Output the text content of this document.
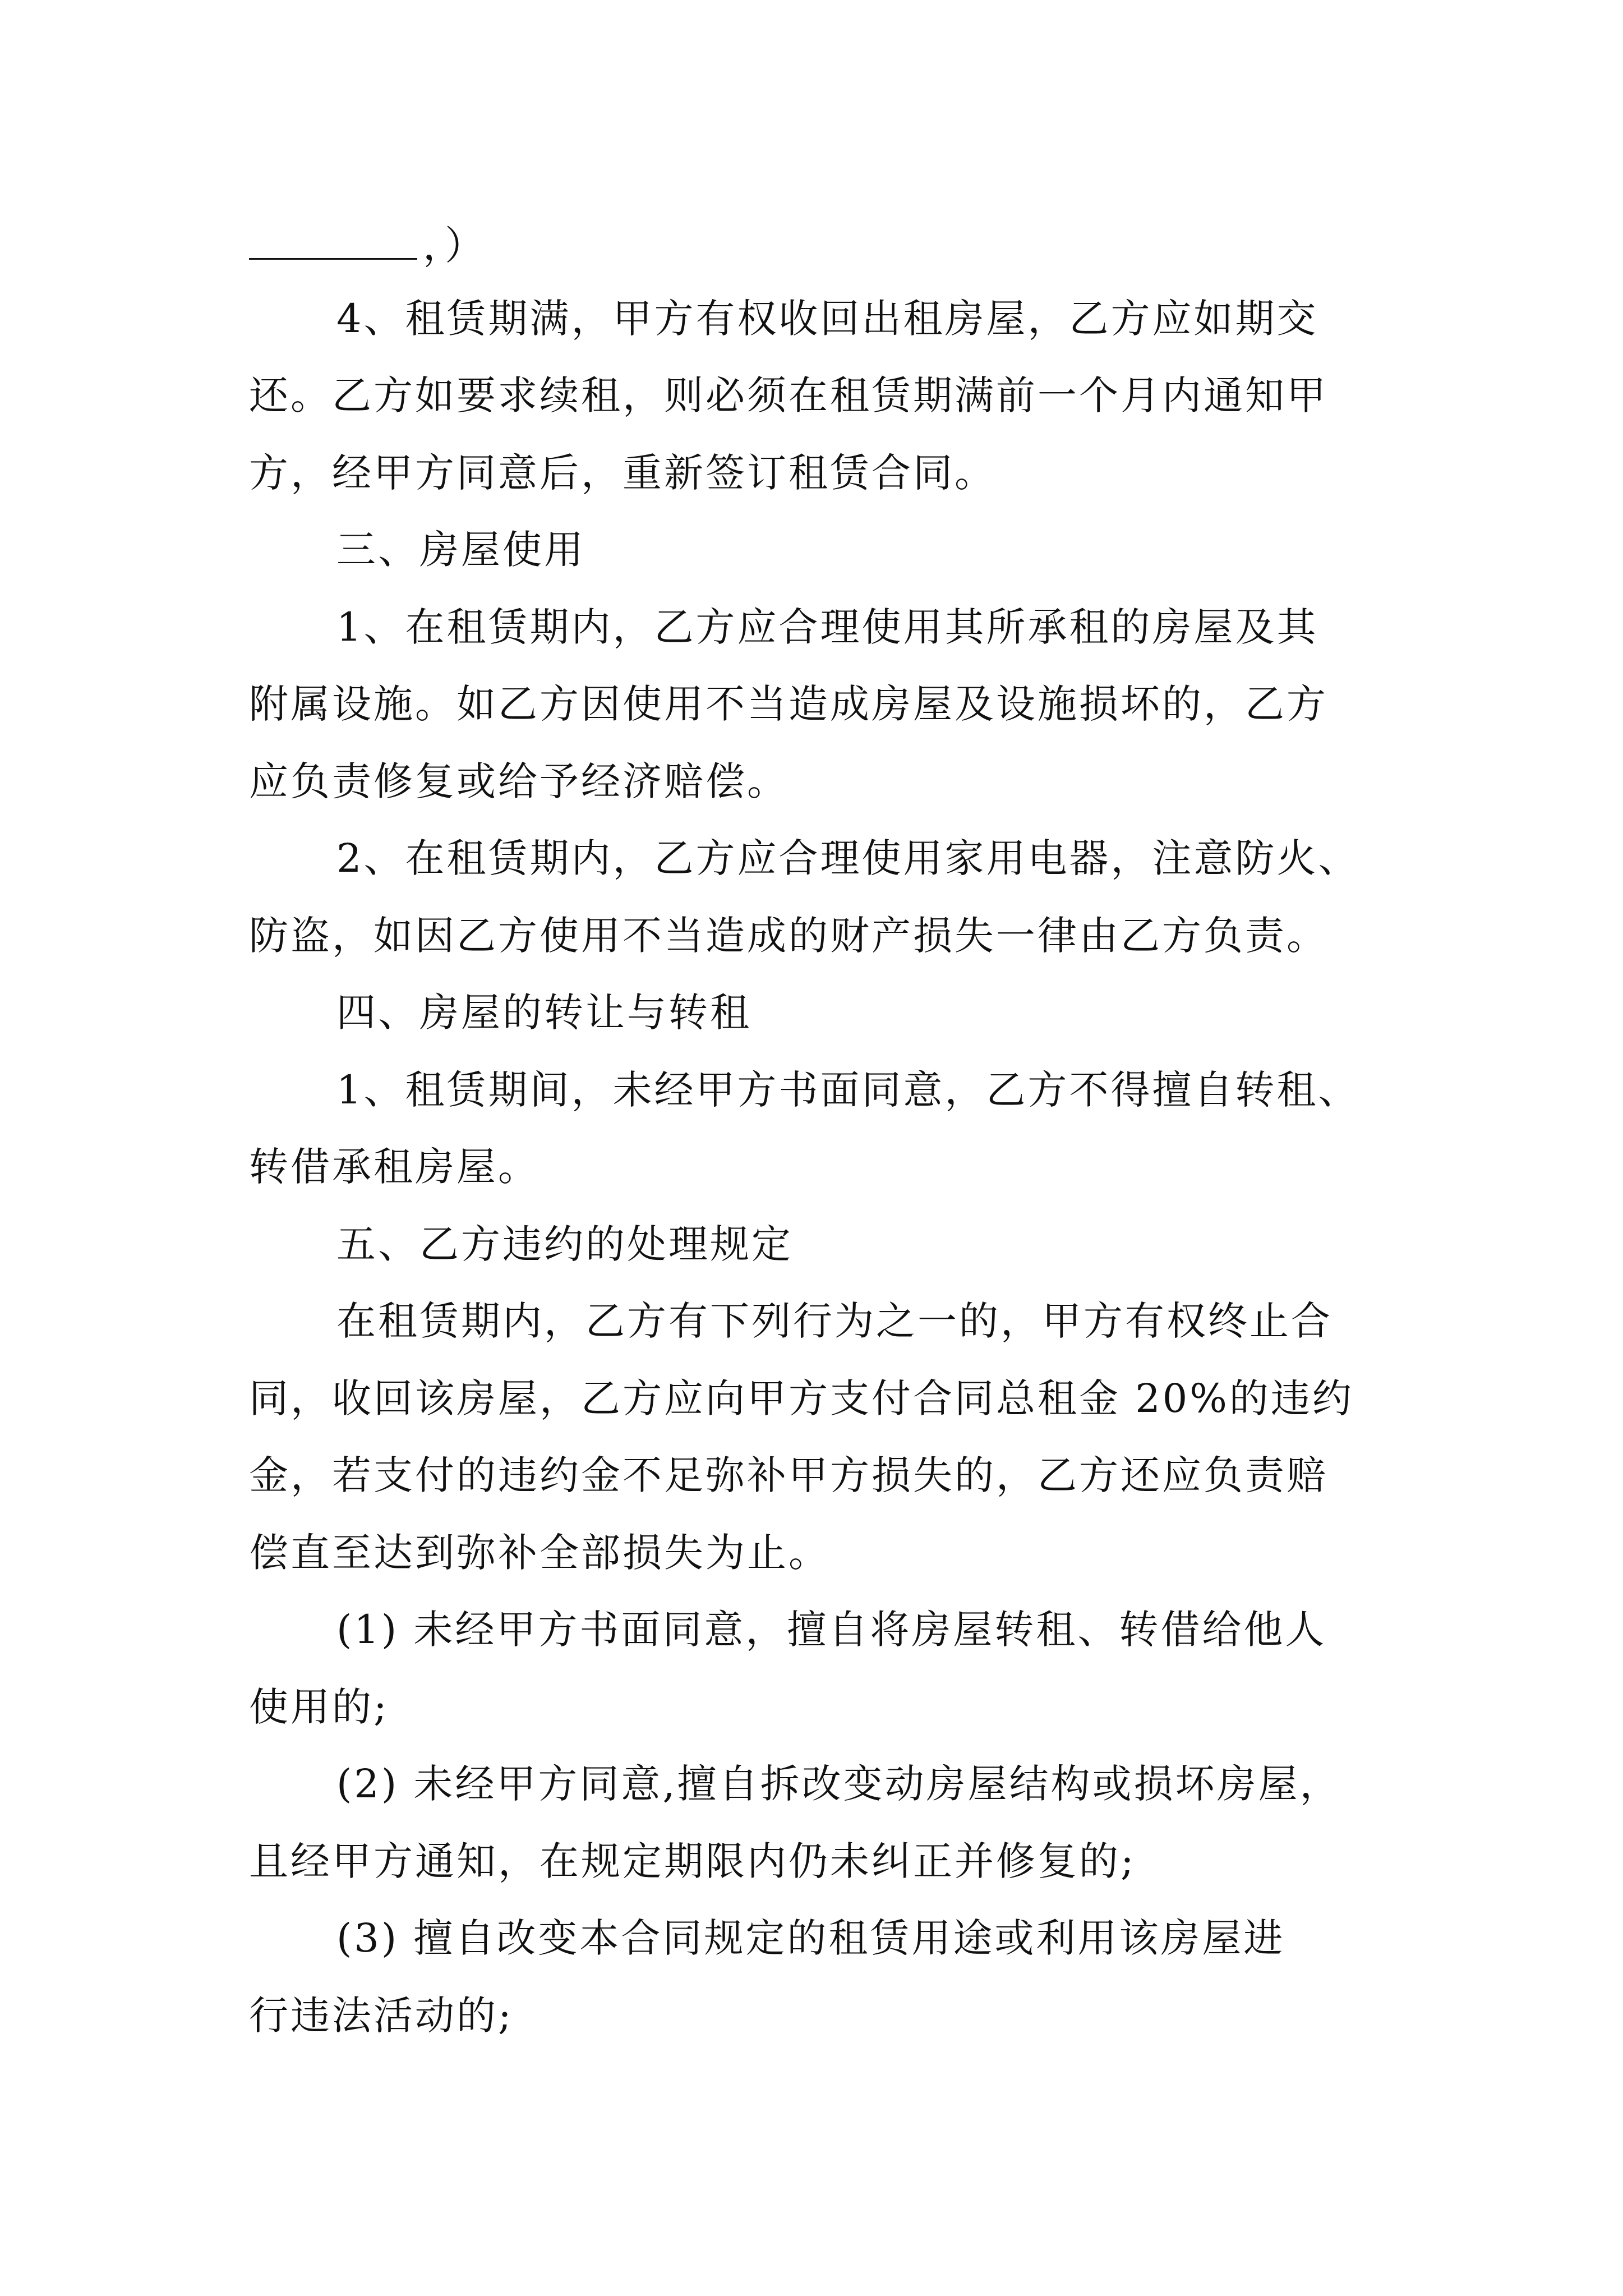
，）
4、租赁期满，甲方有权收回出租房屋，乙方应如期交
还。乙方如要求续租，则必须在租赁期满前一个月内通知甲
方，经甲方同意后，重新签订租赁合同。
三、房屋使用
1、在租赁期内，乙方应合理使用其所承租的房屋及其
附属设施。如乙方因使用不当造成房屋及设施损坏的，乙方
应负责修复或给予经济赔偿。
2、在租赁期内，乙方应合理使用家用电器，注意防火、
防盗，如因乙方使用不当造成的财产损失一律由乙方负责。
四、房屋的转让与转租
1、租赁期间，未经甲方书面同意，乙方不得擅自转租、
转借承租房屋。
五、乙方违约的处理规定
在租赁期内，乙方有下列行为之一的，甲方有权终止合
同，收回该房屋，乙方应向甲方支付合同总租金 20%的违约
金，若支付的违约金不足弥补甲方损失的，乙方还应负责赔
偿直至达到弥补全部损失为止。
(1) 未经甲方书面同意，擅自将房屋转租、转借给他人
使用的;
(2) 未经甲方同意,擅自拆改变动房屋结构或损坏房屋，
且经甲方通知，在规定期限内仍未纠正并修复的;
(3) 擅自改变本合同规定的租赁用途或利用该房屋进
行违法活动的;
